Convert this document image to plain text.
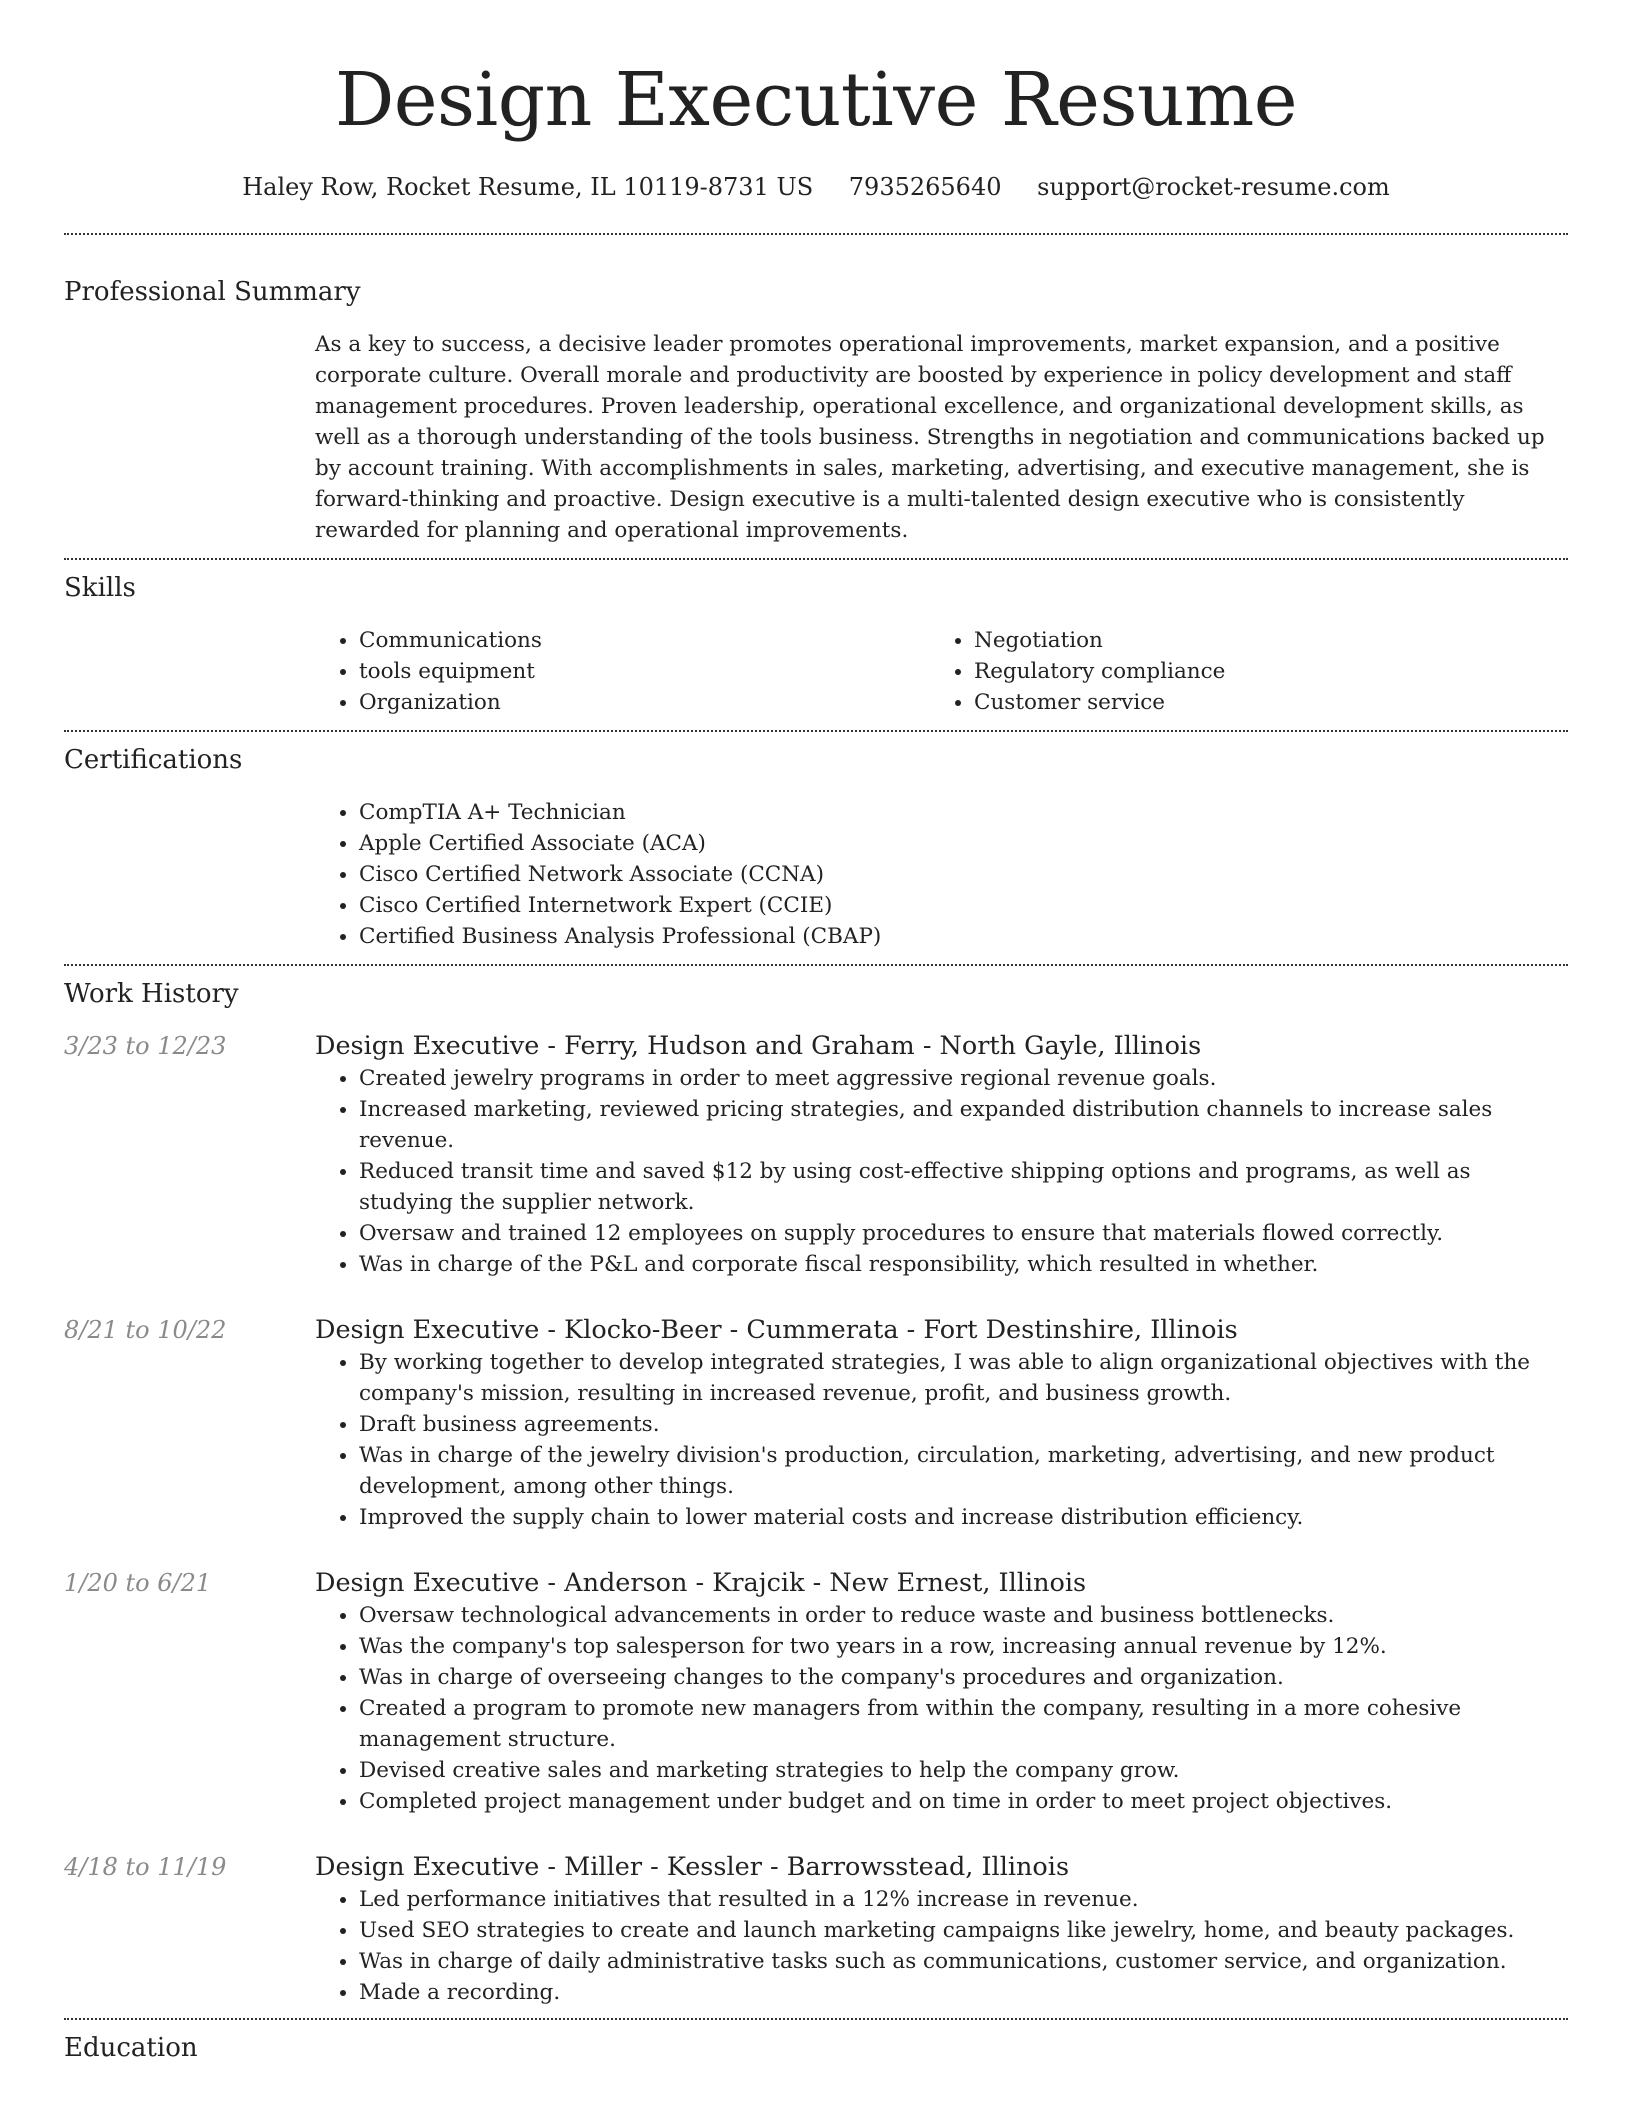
Design Executive Resume
Haley Row, Rocket Resume, IL 10119-8731 US 7935265640 support@rocket-resume.com
Professional Summary
As a key to success, a decisive leader promotes operational improvements, market expansion, and a positive corporate culture. Overall morale and productivity are boosted by experience in policy development and staff management procedures. Proven leadership, operational excellence, and organizational development skills, as well as a thorough understanding of the tools business. Strengths in negotiation and communications backed up by account training. With accomplishments in sales, marketing, advertising, and executive management, she is forward-thinking and proactive. Design executive is a multi-talented design executive who is consistently rewarded for planning and operational improvements.
Skills
• Communications
• tools equipment
• Organization
• Negotiation
• Regulatory compliance
• Customer service
Certifications
• CompTIA A+ Technician
• Apple Certified Associate (ACA)
• Cisco Certified Network Associate (CCNA)
• Cisco Certified Internetwork Expert (CCIE)
• Certified Business Analysis Professional (CBAP)
Work History
3/23 to 12/23	Design Executive - Ferry, Hudson and Graham - North Gayle, Illinois
• Created jewelry programs in order to meet aggressive regional revenue goals.
• Increased marketing, reviewed pricing strategies, and expanded distribution channels to increase sales revenue.
• Reduced transit time and saved $12 by using cost-effective shipping options and programs, as well as studying the supplier network.
• Oversaw and trained 12 employees on supply procedures to ensure that materials flowed correctly.
• Was in charge of the P&L and corporate fiscal responsibility, which resulted in whether.
8/21 to 10/22	Design Executive - Klocko-Beer - Cummerata - Fort Destinshire, Illinois
• By working together to develop integrated strategies, I was able to align organizational objectives with the company's mission, resulting in increased revenue, profit, and business growth.
• Draft business agreements.
• Was in charge of the jewelry division's production, circulation, marketing, advertising, and new product development, among other things.
• Improved the supply chain to lower material costs and increase distribution efficiency.
1/20 to 6/21	Design Executive - Anderson - Krajcik - New Ernest, Illinois
• Oversaw technological advancements in order to reduce waste and business bottlenecks.
• Was the company's top salesperson for two years in a row, increasing annual revenue by 12%.
• Was in charge of overseeing changes to the company's procedures and organization.
• Created a program to promote new managers from within the company, resulting in a more cohesive management structure.
• Devised creative sales and marketing strategies to help the company grow.
• Completed project management under budget and on time in order to meet project objectives.
4/18 to 11/19	Design Executive - Miller - Kessler - Barrowsstead, Illinois
• Led performance initiatives that resulted in a 12% increase in revenue.
• Used SEO strategies to create and launch marketing campaigns like jewelry, home, and beauty packages.
• Was in charge of daily administrative tasks such as communications, customer service, and organization.
• Made a recording.
Education
